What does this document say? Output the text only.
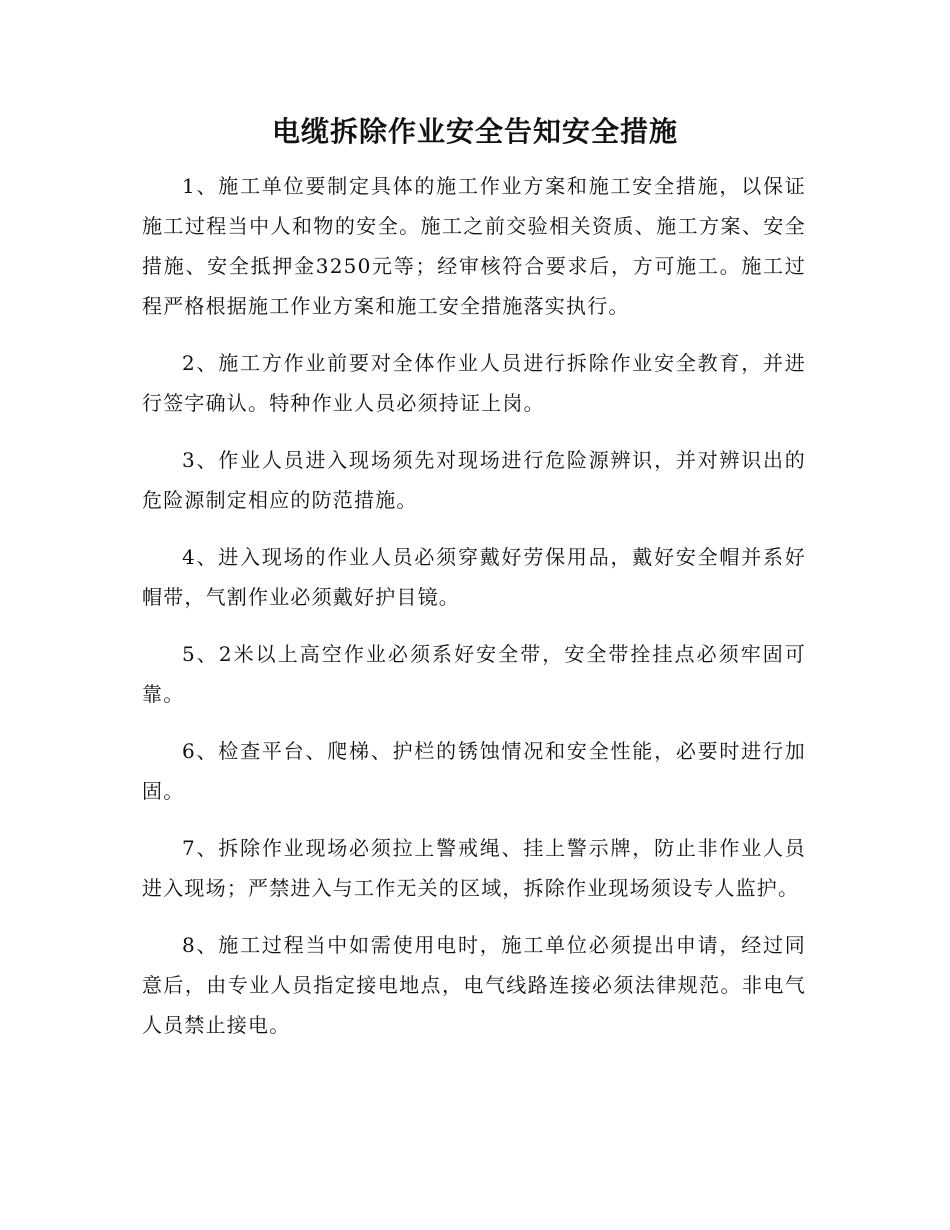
电缆拆除作业安全告知安全措施

1、施工单位要制定具体的施工作业方案和施工安全措施，以保证施工过程当中人和物的安全。施工之前交验相关资质、施工方案、安全措施、安全抵押金3250元等；经审核符合要求后，方可施工。施工过程严格根据施工作业方案和施工安全措施落实执行。

2、施工方作业前要对全体作业人员进行拆除作业安全教育，并进行签字确认。特种作业人员必须持证上岗。

3、作业人员进入现场须先对现场进行危险源辨识，并对辨识出的危险源制定相应的防范措施。

4、进入现场的作业人员必须穿戴好劳保用品，戴好安全帽并系好帽带，气割作业必须戴好护目镜。

5、2米以上高空作业必须系好安全带，安全带拴挂点必须牢固可靠。

6、检查平台、爬梯、护栏的锈蚀情况和安全性能，必要时进行加固。

7、拆除作业现场必须拉上警戒绳、挂上警示牌，防止非作业人员进入现场；严禁进入与工作无关的区域，拆除作业现场须设专人监护。

8、施工过程当中如需使用电时，施工单位必须提出申请，经过同意后，由专业人员指定接电地点，电气线路连接必须法律规范。非电气人员禁止接电。
